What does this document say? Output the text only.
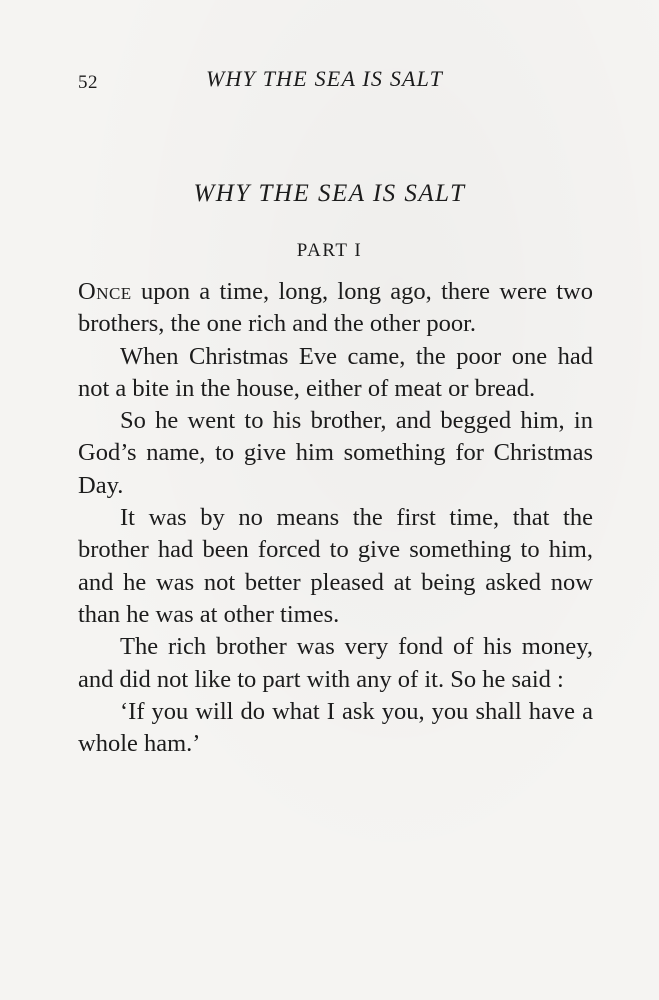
52	WHY THE SEA IS SALT
WHY THE SEA IS SALT
PART I

Once upon a time, long, long ago, there were two brothers, the one rich and the other poor.

When Christmas Eve came, the poor one had not a bite in the house, either of meat or bread.

So he went to his brother, and begged him, in God’s name, to give him something for Christmas Day.

It was by no means the first time, that the brother had been forced to give something to him, and he was not better pleased at being asked now than he was at other times.

The rich brother was very fond of his money, and did not like to part with any of it. So he said :

‘If you will do what I ask you, you shall have a whole ham.’
